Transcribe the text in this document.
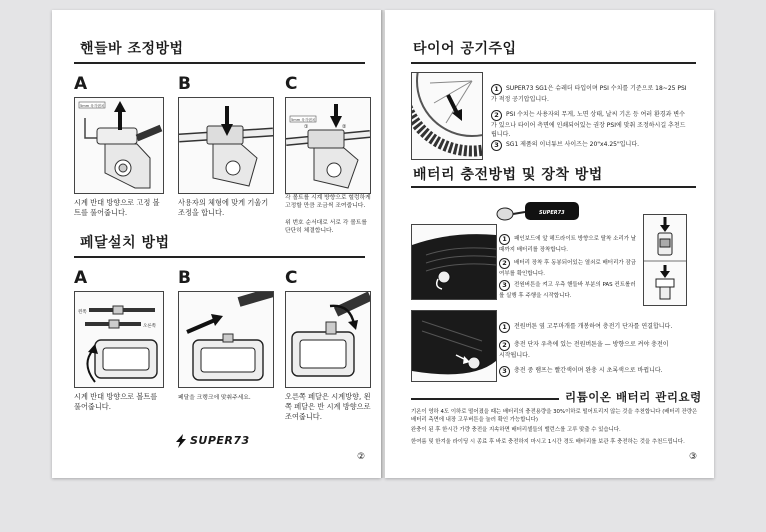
핸들바 조정방법
A
5mm 육각렌치
시계 반대 방향으로 고정 볼트를 풀어줍니다.
B
사용자의 체형에 맞게 기울기 조정을 합니다.
C
5mm 육각렌치
②
①
각 볼트를 시계 방향으로 헐렁하게 고정할 만큼 조금씩 조여줍니다.
위 번호 순서대로 서로 각 볼트를 단단히 체결합니다.
페달설치 방법
A
왼쪽
오른쪽
시계 반대 방향으로 볼트를 풀어줍니다.
B
페달을 크랭크에 맞춰주세요.
C
오른쪽 페달은 시계방향, 왼쪽 페달은 반 시계 방향으로 조여줍니다.
SUPER73
②
타이어 공기주입
1 SUPER73 SG1은 슈레더 타입이며 PSI 수치를 기준으로 18~25 PSI가 적정 공기압입니다.
2 PSI 수치는 사용자의 무게, 노면 상태, 날씨 기온 등 여러 환경과 변수가 있으나 타이어 측면에 인쇄되어있는 권장 PSI에 맞춰 조정하시길 추천드립니다.
3 SG1 제품의 이너튜브 사이즈는 20"x4.25"입니다.
배터리 충전방법 및 장착 방법
SUPER73
1 패인보드에 앞 헤드라이트 방향으로 탈착 소리가 날때까지 배터리를 장착합니다.
2 배터리 장착 후 동봉되어있는 열쇠로 배터리가 잠금여부를 확인합니다.
3 전원버튼을 켜고 우측 핸들바 부분의 PAS 컨트롤러를 실행 후 주행을 시작합니다.
1 전원버튼 옆 고무마개를 개봉하여 충전기 단자를 연결합니다.
2 충전 단자 우측에 있는 전원버튼을 — 방향으로 켜야 충전이 시작됩니다.
3 충전 중 램프는 빨간색이며 완충 시 초록색으로 바뀝니다.
리튬이온 배터리 관리요령
기온이 영하 4도 이하로 떨어졌을 때는 배터리의 충전용량을 30%이하로 떨어트리지 않는 것을 추천합니다 (배터리 잔량은 배터리 측면에 내장 고무버튼을 눌러 확인 가능합니다)
완충이 된 후 한시간 가량 충전을 지속하면 배터리셀들의 밸런스를 고루 맞출 수 있습니다.
한여름 및 한겨울 라이딩 시 종료 후 바로 충전하지 마시고 1시간 경도 배터리를 보관 후 충전하는 것을 추천드립니다.
③
